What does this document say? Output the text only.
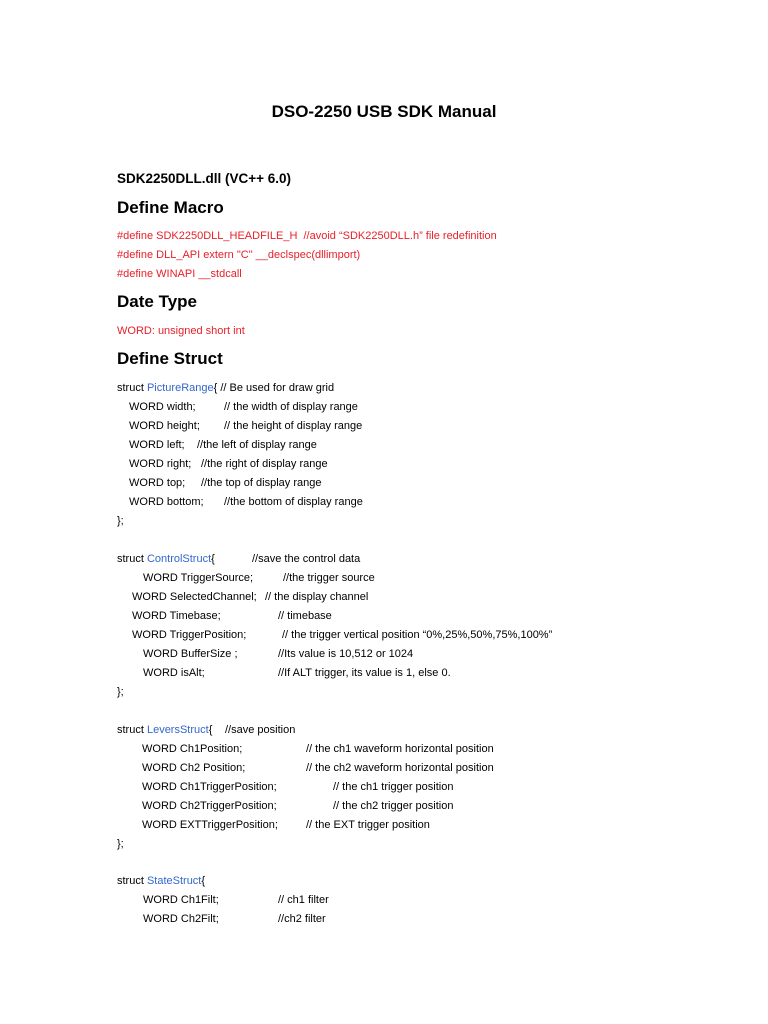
DSO-2250 USB SDK Manual
SDK2250DLL.dll (VC++ 6.0)
Define Macro
#define SDK2250DLL_HEADFILE_H  //avoid “SDK2250DLL.h” file redefinition
#define DLL_API extern "C" __declspec(dllimport)
#define WINAPI __stdcall
Date Type
WORD: unsigned short int
Define Struct
struct PictureRange{ // Be used for draw grid
WORD width;	// the width of display range
WORD height; // the height of display range
WORD left; //the left of display range
WORD right; //the right of display range
WORD top; //the top of display range
WORD bottom; //the bottom of display range
};
struct ControlStruct{	//save the control data
WORD TriggerSource;	//the trigger source
WORD SelectedChannel; // the display channel
WORD Timebase;	// timebase
WORD TriggerPosition;	// the trigger vertical position “0%,25%,50%,75%,100%”
WORD BufferSize ;	//Its value is 10,512 or 1024
WORD isAlt;	//If ALT trigger, its value is 1, else 0.
};
struct LeversStruct{ //save position
WORD Ch1Position;	// the ch1 waveform horizontal position
WORD Ch2 Position;	// the ch2 waveform horizontal position
WORD Ch1TriggerPosition;	// the ch1 trigger position
WORD Ch2TriggerPosition;	// the ch2 trigger position
WORD EXTTriggerPosition;	// the EXT trigger position
};
struct StateStruct{
WORD Ch1Filt;	// ch1 filter
WORD Ch2Filt;	//ch2 filter
